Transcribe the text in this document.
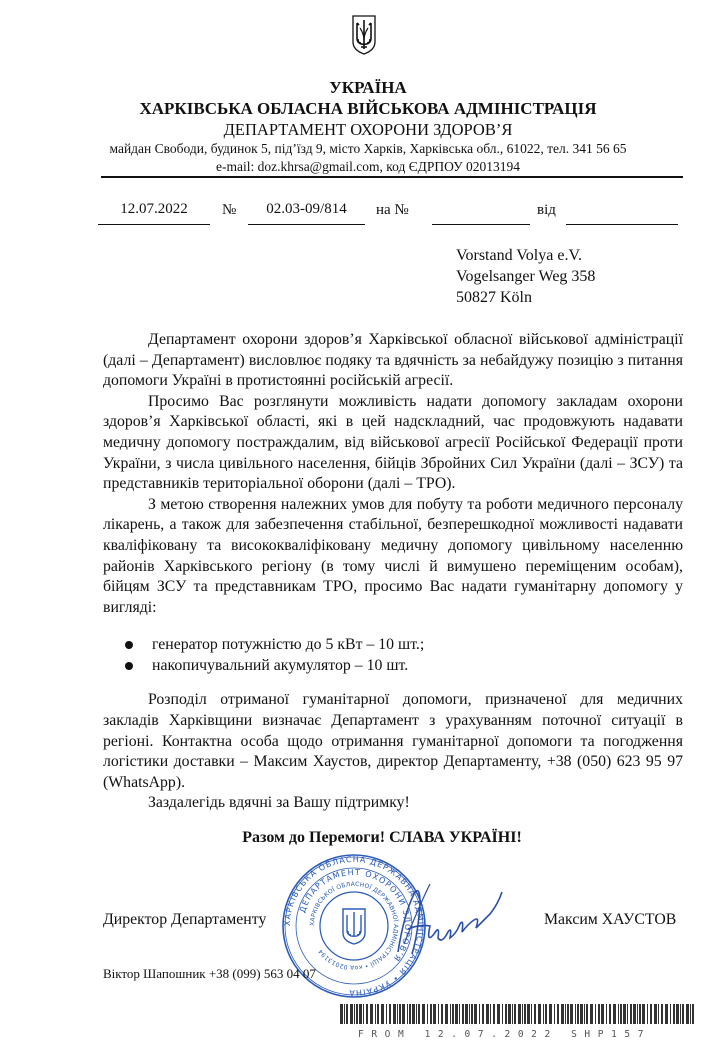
УКРАЇНА
ХАРКІВСЬКА ОБЛАСНА ВІЙСЬКОВА АДМІНІСТРАЦІЯ
ДЕПАРТАМЕНТ ОХОРОНИ ЗДОРОВ’Я
майдан Свободи, будинок 5, під’їзд 9, місто Харків, Харківська обл., 61022, тел. 341 56 65
e-mail: doz.khrsa@gmail.com, код ЄДРПОУ 02013194
12.07.2022	№	02.03-09/814	на №	від
Vorstand Volya e.V.
Vogelsanger Weg 358
50827 Köln

Департамент охорони здоров’я Харківської обласної військової адміністрації (далі – Департамент) висловлює подяку та вдячність за небайдужу позицію з питання допомоги Україні в протистоянні російській агресії.

Просимо Вас розглянути можливість надати допомогу закладам охорони здоров’я Харківської області, які в цей надскладний, час продовжують надавати медичну допомогу постраждалим, від військової агресії Російської Федерації проти України, з числа цивільного населення, бійців Збройних Сил України (далі – ЗСУ) та представників територіальної оборони (далі – ТРО).

З метою створення належних умов для побуту та роботи медичного персоналу лікарень, а також для забезпечення стабільної, безперешкодної можливості надавати кваліфіковану та висококваліфіковану медичну допомогу цивільному населенню районів Харківського регіону (в тому числі й вимушено переміщеним особам), бійцям ЗСУ та представникам ТРО, просимо Вас надати гуманітарну допомогу у вигляді:

генератор потужністю до 5 кВт – 10 шт.;
накопичувальний акумулятор – 10 шт.

Розподіл отриманої гуманітарної допомоги, призначеної для медичних закладів Харківщини визначає Департамент з урахуванням поточної ситуації в регіоні. Контактна особа щодо отримання гуманітарної допомоги та погодження логістики доставки – Максим Хаустов, директор Департаменту, +38 (050) 623 95 97 (WhatsApp).

Заздалегідь вдячні за Вашу підтримку!

Разом до Перемоги! СЛАВА УКРАЇНІ!
ХАРКІВСЬКА ОБЛАСНА ДЕРЖАВНА АДМІНІСТРАЦІЯ • УКРАЇНА
ДЕПАРТАМЕНТ ОХОРОНИ ЗДОРОВ’Я
ХАРКІВСЬКОЇ ОБЛАСНОЇ ДЕРЖАВНОЇ АДМІНІСТРАЦІЇ • код 02013194
Директор Департаменту	Максим ХАУСТОВ
Віктор Шапошник +38 (099) 563 04 07
FROM 12.07.2022 SHP157
